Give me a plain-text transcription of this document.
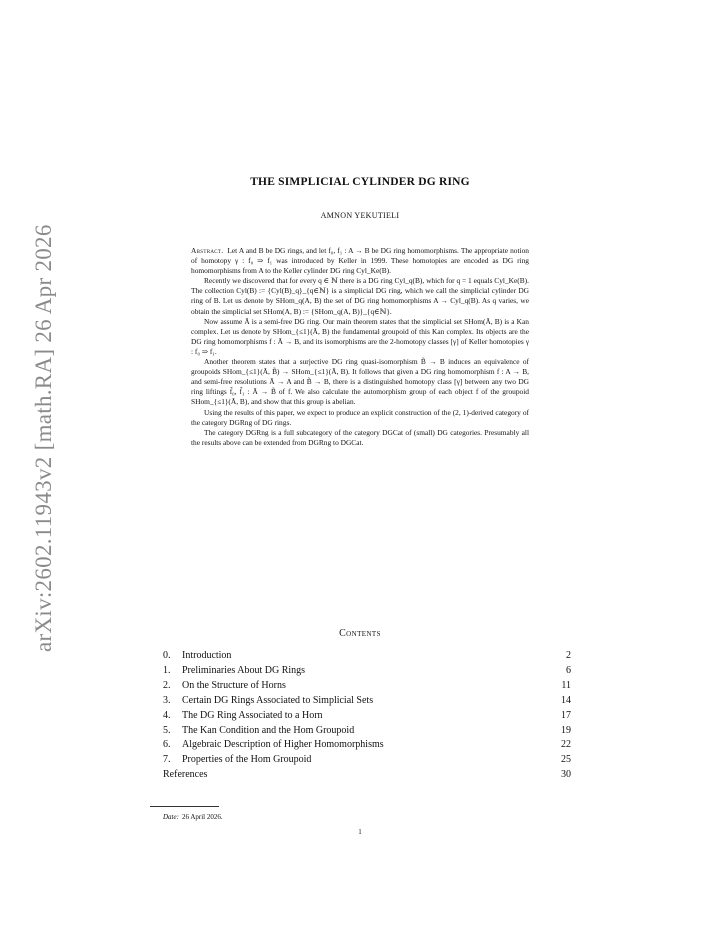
arXiv:2602.11943v2 [math.RA] 26 Apr 2026
THE SIMPLICIAL CYLINDER DG RING
AMNON YEKUTIELI

Abstract. Let A and B be DG rings, and let f₀, f₁ : A → B be DG ring homomorphisms. The appropriate notion of homotopy γ : f₀ ⇒ f₁ was introduced by Keller in 1999. These homotopies are encoded as DG ring homomorphisms from A to the Keller cylinder DG ring Cyl_Ke(B).

Recently we discovered that for every q ∈ ℕ there is a DG ring Cyl_q(B), which for q = 1 equals Cyl_Ke(B). The collection Cyl(B) := {Cyl(B)_q}_{q∈ℕ} is a simplicial DG ring, which we call the simplicial cylinder DG ring of B. Let us denote by SHom_q(A, B) the set of DG ring homomorphisms A → Cyl_q(B). As q varies, we obtain the simplicial set SHom(A, B) := {SHom_q(A, B)}_{q∈ℕ}.

Now assume Ã is a semi-free DG ring. Our main theorem states that the simplicial set SHom(Ã, B) is a Kan complex. Let us denote by SHom_{≤1}(Ã, B) the fundamental groupoid of this Kan complex. Its objects are the DG ring homomorphisms f : Ã → B, and its isomorphisms are the 2-homotopy classes [γ] of Keller homotopies γ : f₀ ⇒ f₁.

Another theorem states that a surjective DG ring quasi-isomorphism B̃ → B induces an equivalence of groupoids SHom_{≤1}(Ã, B̃) → SHom_{≤1}(Ã, B). It follows that given a DG ring homomorphism f : A → B, and semi-free resolutions Ã → A and B̃ → B, there is a distinguished homotopy class [γ] between any two DG ring liftings f̃₀, f̃₁ : Ã → B̃ of f. We also calculate the automorphism group of each object f of the groupoid SHom_{≤1}(Ã, B), and show that this group is abelian.

Using the results of this paper, we expect to produce an explicit construction of the (2, 1)-derived category of the category DGRng of DG rings.

The category DGRng is a full subcategory of the category DGCat of (small) DG categories. Presumably all the results above can be extended from DGRng to DGCat.

Contents
0.	Introduction	2
1.	Preliminaries About DG Rings	6
2.	On the Structure of Horns	11
3.	Certain DG Rings Associated to Simplicial Sets	14
4.	The DG Ring Associated to a Horn	17
5.	The Kan Condition and the Hom Groupoid	19
6.	Algebraic Description of Higher Homomorphisms	22
7.	Properties of the Hom Groupoid	25
References	30
Date: 26 April 2026.
1
